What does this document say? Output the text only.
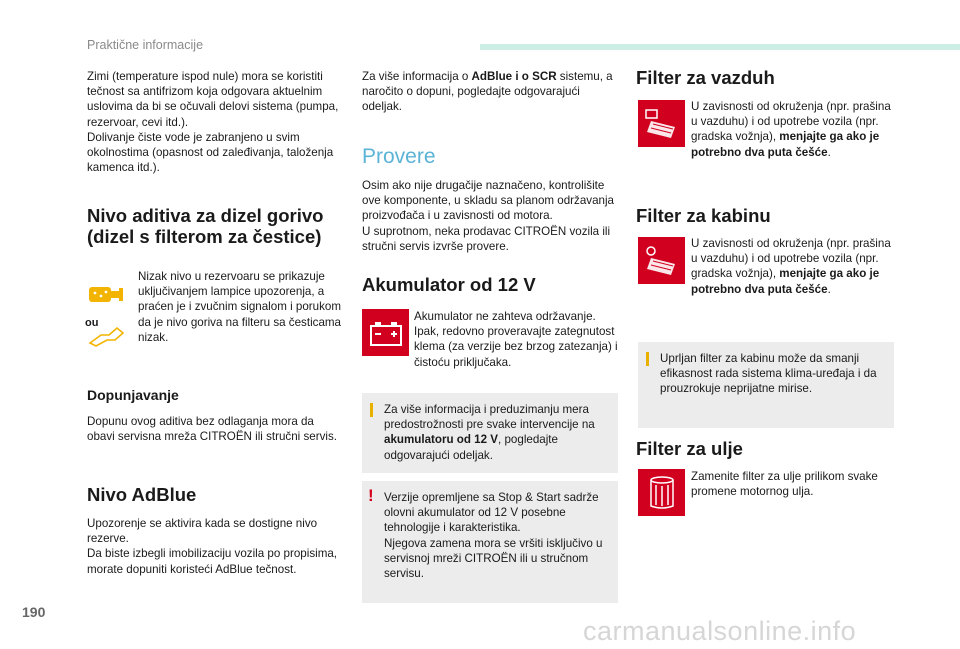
Praktične informacije

Zimi (temperature ispod nule) mora se koristiti tečnost sa antifrizom koja odgovara aktuelnim uslovima da bi se očuvali delovi sistema (pumpa, rezervoar, cevi itd.).
Dolivanje čiste vode je zabranjeno u svim okolnostima (opasnost od zaleđivanja, taloženja kamenca itd.).

Nivo aditiva za dizel gorivo (dizel s filterom za čestice)
ou

Nizak nivo u rezervoaru se prikazuje uključivanjem lampice upozorenja, a praćen je i zvučnim signalom i porukom da je nivo goriva na filteru sa česticama nizak.

Dopunjavanje

Dopunu ovog aditiva bez odlaganja mora da obavi servisna mreža CITROËN ili stručni servis.

Nivo AdBlue

Upozorenje se aktivira kada se dostigne nivo rezerve.
Da biste izbegli imobilizaciju vozila po propisima, morate dopuniti koristeći AdBlue tečnost.

Za više informacija o AdBlue i o SCR sistemu, a naročito o dopuni, pogledajte odgovarajući odeljak.

Provere

Osim ako nije drugačije naznačeno, kontrolišite ove komponente, u skladu sa planom održavanja proizvođača i u zavisnosti od motora.
U suprotnom, neka prodavac CITROËN vozila ili stručni servis izvrše provere.

Akumulator od 12 V

Akumulator ne zahteva održavanje. Ipak, redovno proveravajte zategnutost klema (za verzije bez brzog zatezanja) i čistoću priključaka.

Za više informacija i preduzimanju mera predostrožnosti pre svake intervencije na akumulatoru od 12 V, pogledajte odgovarajući odeljak.

! Verzije opremljene sa Stop & Start sadrže olovni akumulator od 12 V posebne tehnologije i karakteristika.
Njegova zamena mora se vršiti isključivo u servisnoj mreži CITROËN ili u stručnom servisu.

Filter za vazduh

U zavisnosti od okruženja (npr. prašina u vazduhu) i od upotrebe vozila (npr. gradska vožnja), menjajte ga ako je potrebno dva puta češće.

Filter za kabinu

U zavisnosti od okruženja (npr. prašina u vazduhu) i od upotrebe vozila (npr. gradska vožnja), menjajte ga ako je potrebno dva puta češće.

Uprljan filter za kabinu može da smanji efikasnost rada sistema klima-uređaja i da prouzrokuje neprijatne mirise.

Filter za ulje

Zamenite filter za ulje prilikom svake promene motornog ulja.

190
carmanualsonline.info
